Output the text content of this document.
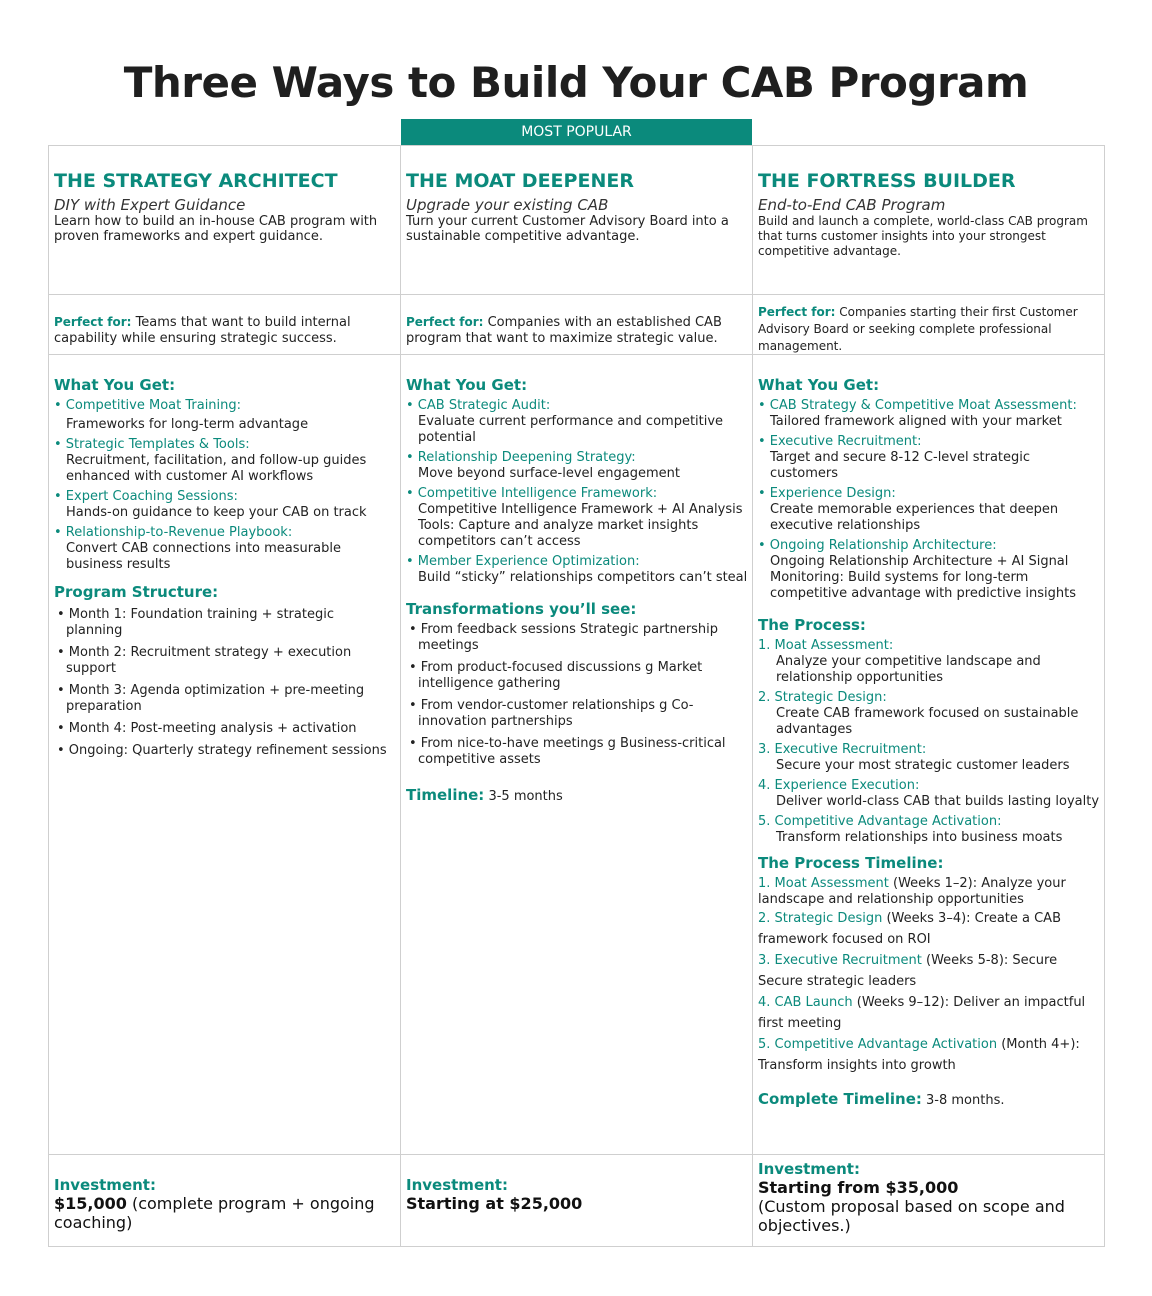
Three Ways to Build Your CAB Program
MOST POPULAR
THE STRATEGY ARCHITECT
DIY with Expert Guidance
Learn how to build an in-house CAB program with proven frameworks and expert guidance.
Perfect for: Teams that want to build internal capability while ensuring strategic success.
What You Get:
• Competitive Moat Training:
Frameworks for long-term advantage
• Strategic Templates & Tools:
Recruitment, facilitation, and follow-up guides enhanced with customer AI workflows
• Expert Coaching Sessions:
Hands-on guidance to keep your CAB on track
• Relationship-to-Revenue Playbook:
Convert CAB connections into measurable business results
Program Structure:
• Month 1: Foundation training + strategic planning
• Month 2: Recruitment strategy + execution support
• Month 3: Agenda optimization + pre-meeting preparation
• Month 4: Post-meeting analysis + activation
• Ongoing: Quarterly strategy refinement sessions
Investment:
$15,000 (complete program + ongoing coaching)
THE MOAT DEEPENER
Upgrade your existing CAB
Turn your current Customer Advisory Board into a sustainable competitive advantage.
Perfect for: Companies with an established CAB program that want to maximize strategic value.
What You Get:
• CAB Strategic Audit:
Evaluate current performance and competitive potential
• Relationship Deepening Strategy:
Move beyond surface-level engagement
• Competitive Intelligence Framework:
Competitive Intelligence Framework + AI Analysis Tools: Capture and analyze market insights competitors can’t access
• Member Experience Optimization:
Build “sticky” relationships competitors can’t steal
Transformations you’ll see:
• From feedback sessions Strategic partnership meetings
• From product-focused discussions g Market intelligence gathering
• From vendor-customer relationships g Co-innovation partnerships
• From nice-to-have meetings g Business-critical competitive assets
Timeline: 3-5 months
Investment:
Starting at $25,000
THE FORTRESS BUILDER
End-to-End CAB Program
Build and launch a complete, world-class CAB program that turns customer insights into your strongest competitive advantage.
Perfect for: Companies starting their first Customer Advisory Board or seeking complete professional management.
What You Get:
• CAB Strategy & Competitive Moat Assessment:
Tailored framework aligned with your market
• Executive Recruitment:
Target and secure 8-12 C-level strategic customers
• Experience Design:
Create memorable experiences that deepen executive relationships
• Ongoing Relationship Architecture:
Ongoing Relationship Architecture + AI Signal Monitoring: Build systems for long-term competitive advantage with predictive insights
The Process:
1. Moat Assessment:
Analyze your competitive landscape and relationship opportunities
2. Strategic Design:
Create CAB framework focused on sustainable advantages
3. Executive Recruitment:
Secure your most strategic customer leaders
4. Experience Execution:
Deliver world-class CAB that builds lasting loyalty
5. Competitive Advantage Activation:
Transform relationships into business moats
The Process Timeline:
1. Moat Assessment (Weeks 1–2): Analyze your landscape and relationship opportunities
2. Strategic Design (Weeks 3–4): Create a CAB framework focused on ROI
3. Executive Recruitment (Weeks 5-8): Secure Secure strategic leaders
4. CAB Launch (Weeks 9–12): Deliver an impactful first meeting
5. Competitive Advantage Activation (Month 4+): Transform insights into growth
Complete Timeline: 3-8 months.
Investment:
Starting from $35,000
(Custom proposal based on scope and objectives.)
